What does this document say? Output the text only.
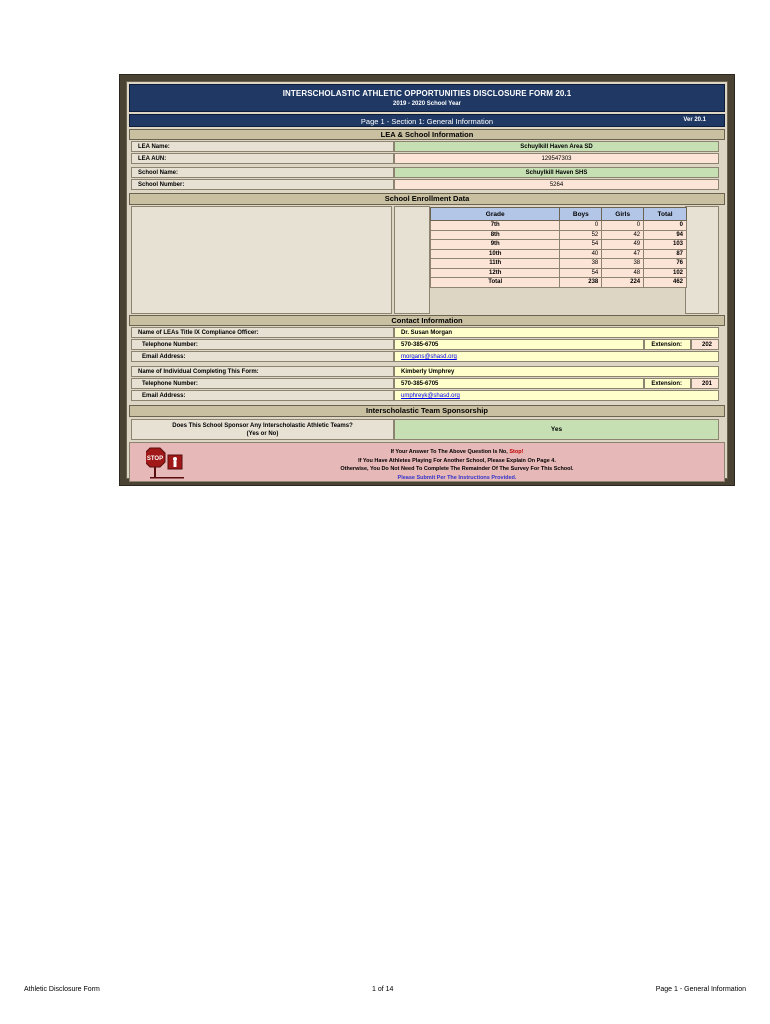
INTERSCHOLASTIC ATHLETIC OPPORTUNITIES DISCLOSURE FORM 20.1
2019 - 2020 School Year
Page 1 - Section 1: General Information	Ver 20.1
LEA & School Information
LEA Name:	Schuylkill Haven Area SD
LEA AUN:	129547303
School Name:	Schuylkill Haven SHS
School Number:	5264
School Enrollment Data
Grade	Boys	Girls	Total
7th	0	0	0
8th	52	42	94
9th	54	49	103
10th	40	47	87
11th	38	38	76
12th	54	48	102
Total	238	224	462
Contact Information
Name of LEAs Title IX Compliance Officer:	Dr. Susan Morgan
Telephone Number:	570-385-6705	Extension:	202
Email Address:	morgans@shasd.org
Name of Individual Completing This Form:	Kimberly Umphrey
Telephone Number:	570-385-6705	Extension:	201
Email Address:	umphreyk@shasd.org
Interscholastic Team Sponsorship
Does This School Sponsor Any Interscholastic Athletic Teams?
(Yes or No)
Yes
STOP
If Your Answer To The Above Question Is No, Stop!
If You Have Athletes Playing For Another School, Please Explain On Page 4.
Otherwise, You Do Not Need To Complete The Remainder Of The Survey For This School.
Please Submit Per The Instructions Provided.
Athletic Disclosure Form	1 of 14	Page 1 - General Information
